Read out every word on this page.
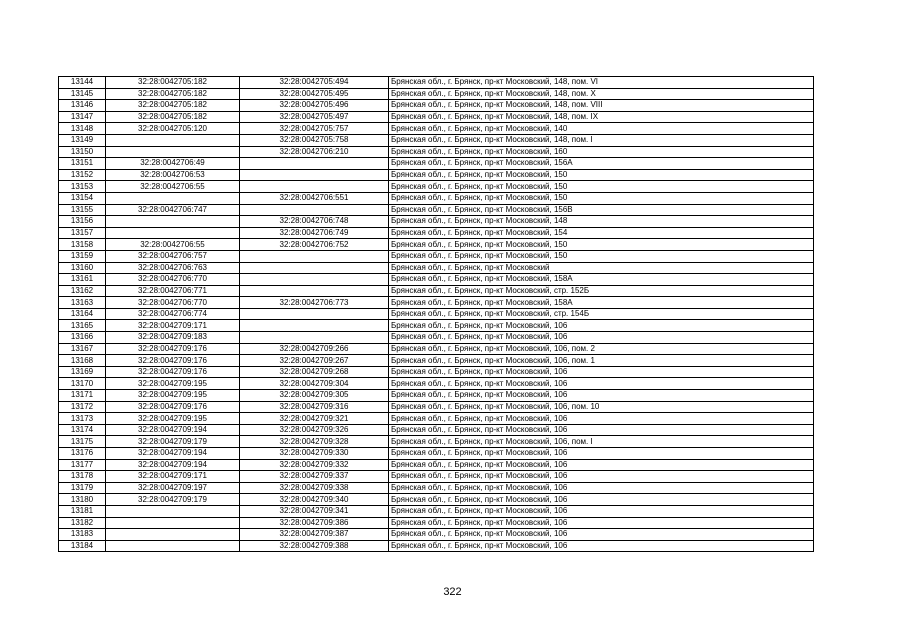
13144	32:28:0042705:182	32:28:0042705:494	Брянская обл., г. Брянск, пр-кт Московский, 148, пом. VI
13145	32:28:0042705:182	32:28:0042705:495	Брянская обл., г. Брянск, пр-кт Московский, 148, пом. X
13146	32:28:0042705:182	32:28:0042705:496	Брянская обл., г. Брянск, пр-кт Московский, 148, пом. VIII
13147	32:28:0042705:182	32:28:0042705:497	Брянская обл., г. Брянск, пр-кт Московский, 148, пом. IX
13148	32:28:0042705:120	32:28:0042705:757	Брянская обл., г. Брянск, пр-кт Московский, 140
13149		32:28:0042705:758	Брянская обл., г. Брянск, пр-кт Московский, 148, пом. I
13150		32:28:0042706:210	Брянская обл., г. Брянск, пр-кт Московский, 160
13151	32:28:0042706:49		Брянская обл., г. Брянск, пр-кт Московский, 156А
13152	32:28:0042706:53		Брянская обл., г. Брянск, пр-кт Московский, 150
13153	32:28:0042706:55		Брянская обл., г. Брянск, пр-кт Московский, 150
13154		32:28:0042706:551	Брянская обл., г. Брянск, пр-кт Московский, 150
13155	32:28:0042706:747		Брянская обл., г. Брянск, пр-кт Московский, 156В
13156		32:28:0042706:748	Брянская обл., г. Брянск, пр-кт Московский, 148
13157		32:28:0042706:749	Брянская обл., г. Брянск, пр-кт Московский, 154
13158	32:28:0042706:55	32:28:0042706:752	Брянская обл., г. Брянск, пр-кт Московский, 150
13159	32:28:0042706:757		Брянская обл., г. Брянск, пр-кт Московский, 150
13160	32:28:0042706:763		Брянская обл., г. Брянск, пр-кт Московский
13161	32:28:0042706:770		Брянская обл., г. Брянск, пр-кт Московский, 158А
13162	32:28:0042706:771		Брянская обл., г. Брянск, пр-кт Московский, стр. 152Б
13163	32:28:0042706:770	32:28:0042706:773	Брянская обл., г. Брянск, пр-кт Московский, 158А
13164	32:28:0042706:774		Брянская обл., г. Брянск, пр-кт Московский, стр. 154Б
13165	32:28:0042709:171		Брянская обл., г. Брянск, пр-кт Московский, 106
13166	32:28:0042709:183		Брянская обл., г. Брянск, пр-кт Московский, 106
13167	32:28:0042709:176	32:28:0042709:266	Брянская обл., г. Брянск, пр-кт Московский, 106, пом. 2
13168	32:28:0042709:176	32:28:0042709:267	Брянская обл., г. Брянск, пр-кт Московский, 106, пом. 1
13169	32:28:0042709:176	32:28:0042709:268	Брянская обл., г. Брянск, пр-кт Московский, 106
13170	32:28:0042709:195	32:28:0042709:304	Брянская обл., г. Брянск, пр-кт Московский, 106
13171	32:28:0042709:195	32:28:0042709:305	Брянская обл., г. Брянск, пр-кт Московский, 106
13172	32:28:0042709:176	32:28:0042709:316	Брянская обл., г. Брянск, пр-кт Московский, 106, пом. 10
13173	32:28:0042709:195	32:28:0042709:321	Брянская обл., г. Брянск, пр-кт Московский, 106
13174	32:28:0042709:194	32:28:0042709:326	Брянская обл., г. Брянск, пр-кт Московский, 106
13175	32:28:0042709:179	32:28:0042709:328	Брянская обл., г. Брянск, пр-кт Московский, 106, пом. I
13176	32:28:0042709:194	32:28:0042709:330	Брянская обл., г. Брянск, пр-кт Московский, 106
13177	32:28:0042709:194	32:28:0042709:332	Брянская обл., г. Брянск, пр-кт Московский, 106
13178	32:28:0042709:171	32:28:0042709:337	Брянская обл., г. Брянск, пр-кт Московский, 106
13179	32:28:0042709:197	32:28:0042709:338	Брянская обл., г. Брянск, пр-кт Московский, 106
13180	32:28:0042709:179	32:28:0042709:340	Брянская обл., г. Брянск, пр-кт Московский, 106
13181		32:28:0042709:341	Брянская обл., г. Брянск, пр-кт Московский, 106
13182		32:28:0042709:386	Брянская обл., г. Брянск, пр-кт Московский, 106
13183		32:28:0042709:387	Брянская обл., г. Брянск, пр-кт Московский, 106
13184		32:28:0042709:388	Брянская обл., г. Брянск, пр-кт Московский, 106
322
